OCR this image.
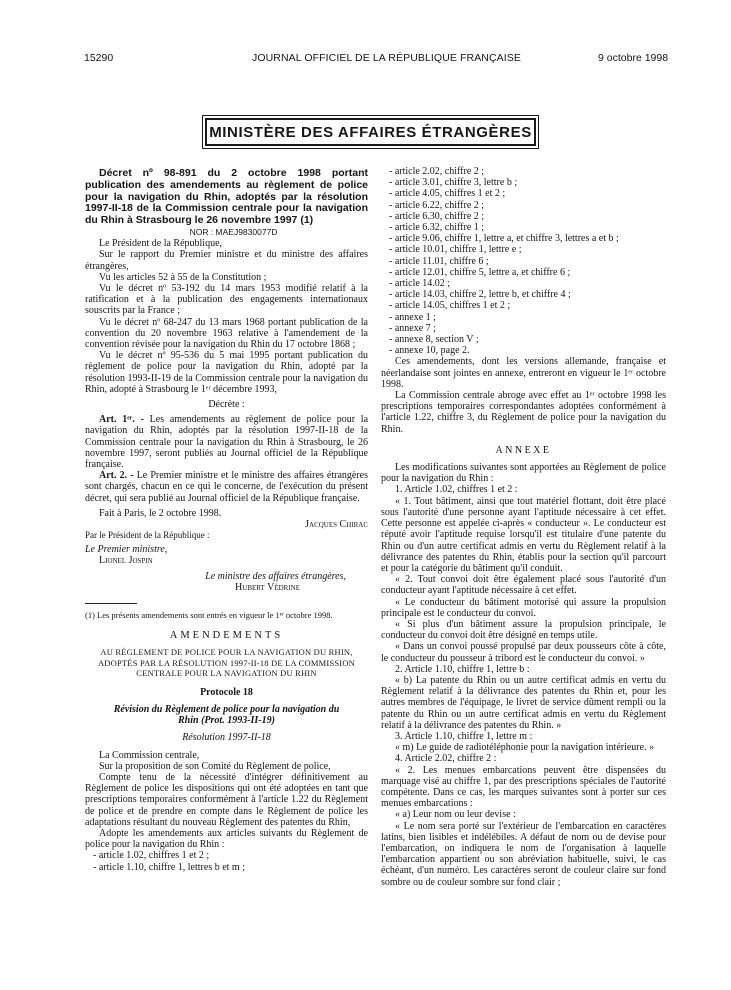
15290	JOURNAL OFFICIEL DE LA RÉPUBLIQUE FRANÇAISE	9 octobre 1998
MINISTÈRE DES AFFAIRES ÉTRANGÈRES

Décret nº 98-891 du 2 octobre 1998 portant publication des amendements au règlement de police pour la navigation du Rhin, adoptés par la résolution 1997-II-18 de la Commission centrale pour la navigation du Rhin à Strasbourg le 26 novembre 1997 (1)

NOR : MAEJ9830077D

Le Président de la République,

Sur le rapport du Premier ministre et du ministre des affaires étrangères,

Vu les articles 52 à 55 de la Constitution ;

Vu le décret nº 53-192 du 14 mars 1953 modifié relatif à la ratification et à la publication des engagements internationaux souscrits par la France ;

Vu le décret nº 68-247 du 13 mars 1968 portant publication de la convention du 20 novembre 1963 relative à l'amendement de la convention révisée pour la navigation du Rhin du 17 octobre 1868 ;

Vu le décret nº 95-536 du 5 mai 1995 portant publication du règlement de police pour la navigation du Rhin, adopté par la résolution 1993-II-19 de la Commission centrale pour la navigation du Rhin, adopté à Strasbourg le 1ᵉʳ décembre 1993,

Décrète :

Art. 1ᵉʳ. - Les amendements au règlement de police pour la navigation du Rhin, adoptés par la résolution 1997-II-18 de la Commission centrale pour la navigation du Rhin à Strasbourg, le 26 novembre 1997, seront publiés au Journal officiel de la République française.

Art. 2. - Le Premier ministre et le ministre des affaires étrangères sont chargés, chacun en ce qui le concerne, de l'exécution du présent décret, qui sera publié au Journal officiel de la République française.

Fait à Paris, le 2 octobre 1998.

Jacques Chirac

Par le Président de la République :

Le Premier ministre,

Lionel Jospin

Le ministre des affaires étrangères,

Hubert Védrine

(1) Les présents amendements sont entrés en vigueur le 1ᵉʳ octobre 1998.

AMENDEMENTS

AU RÈGLEMENT DE POLICE POUR LA NAVIGATION DU RHIN, ADOPTÉS PAR LA RÉSOLUTION 1997-II-18 DE LA COMMISSION CENTRALE POUR LA NAVIGATION DU RHIN

Protocole 18

Révision du Règlement de police pour la navigation du Rhin (Prot. 1993-II-19)

Résolution 1997-II-18

La Commission centrale,

Sur la proposition de son Comité du Règlement de police,

Compte tenu de la nécessité d'intégrer définitivement au Règlement de police les dispositions qui ont été adoptées en tant que prescriptions temporaires conformément à l'article 1.22 du Règlement de police et de prendre en compte dans le Règlement de police les adaptations résultant du nouveau Règlement des patentes du Rhin,

Adopte les amendements aux articles suivants du Règlement de police pour la navigation du Rhin :

- article 1.02, chiffres 1 et 2 ;

- article 1.10, chiffre 1, lettres b et m ;

- article 2.02, chiffre 2 ;

- article 3.01, chiffre 3, lettre b ;

- article 4.05, chiffres 1 et 2 ;

- article 6.22, chiffre 2 ;

- article 6.30, chiffre 2 ;

- article 6.32, chiffre 1 ;

- article 9.06, chiffre 1, lettre a, et chiffre 3, lettres a et b ;

- article 10.01, chiffre 1, lettre e ;

- article 11.01, chiffre 6 ;

- article 12.01, chiffre 5, lettre a, et chiffre 6 ;

- article 14.02 ;

- article 14.03, chiffre 2, lettre b, et chiffre 4 ;

- article 14.05, chiffres 1 et 2 ;

- annexe 1 ;

- annexe 7 ;

- annexe 8, section V ;

- annexe 10, page 2.

Ces amendements, dont les versions allemande, française et néerlandaise sont jointes en annexe, entreront en vigueur le 1ᵉʳ octobre 1998.

La Commission centrale abroge avec effet au 1ᵉʳ octobre 1998 les prescriptions temporaires correspondantes adoptées conformément à l'article 1.22, chiffre 3, du Règlement de police pour la navigation du Rhin.

ANNEXE

Les modifications suivantes sont apportées au Règlement de police pour la navigation du Rhin :

1. Article 1.02, chiffres 1 et 2 :

« 1. Tout bâtiment, ainsi que tout matériel flottant, doit être placé sous l'autorité d'une personne ayant l'aptitude nécessaire à cet effet. Cette personne est appelée ci-après « conducteur ». Le conducteur est réputé avoir l'aptitude requise lorsqu'il est titulaire d'une patente du Rhin ou d'un autre certificat admis en vertu du Règlement relatif à la délivrance des patentes du Rhin, établis pour la section qu'il parcourt et pour la catégorie du bâtiment qu'il conduit.

« 2. Tout convoi doit être également placé sous l'autorité d'un conducteur ayant l'aptitude nécessaire à cet effet.

« Le conducteur du bâtiment motorisé qui assure la propulsion principale est le conducteur du convoi.

« Si plus d'un bâtiment assure la propulsion principale, le conducteur du convoi doit être désigné en temps utile.

« Dans un convoi poussé propulsé par deux pousseurs côte à côte, le conducteur du pousseur à tribord est le conducteur du convoi. »

2. Article 1.10, chiffre 1, lettre b :

« b) La patente du Rhin ou un autre certificat admis en vertu du Règlement relatif à la délivrance des patentes du Rhin et, pour les autres membres de l'équipage, le livret de service dûment rempli ou la patente du Rhin ou un autre certificat admis en vertu du Règlement relatif à la délivrance des patentes du Rhin. »

3. Article 1.10, chiffre 1, lettre m :

« m) Le guide de radiotéléphonie pour la navigation intérieure. »

4. Article 2.02, chiffre 2 :

« 2. Les menues embarcations peuvent être dispensées du marquage visé au chiffre 1, par des prescriptions spéciales de l'autorité compétente. Dans ce cas, les marques suivantes sont à porter sur ces menues embarcations :

« a) Leur nom ou leur devise :

« Le nom sera porté sur l'extérieur de l'embarcation en caractères latins, bien lisibles et indélébiles. A défaut de nom ou de devise pour l'embarcation, on indiquera le nom de l'organisation à laquelle l'embarcation appartient ou son abréviation habituelle, suivi, le cas échéant, d'un numéro. Les caractères seront de couleur claire sur fond sombre ou de couleur sombre sur fond clair ;
